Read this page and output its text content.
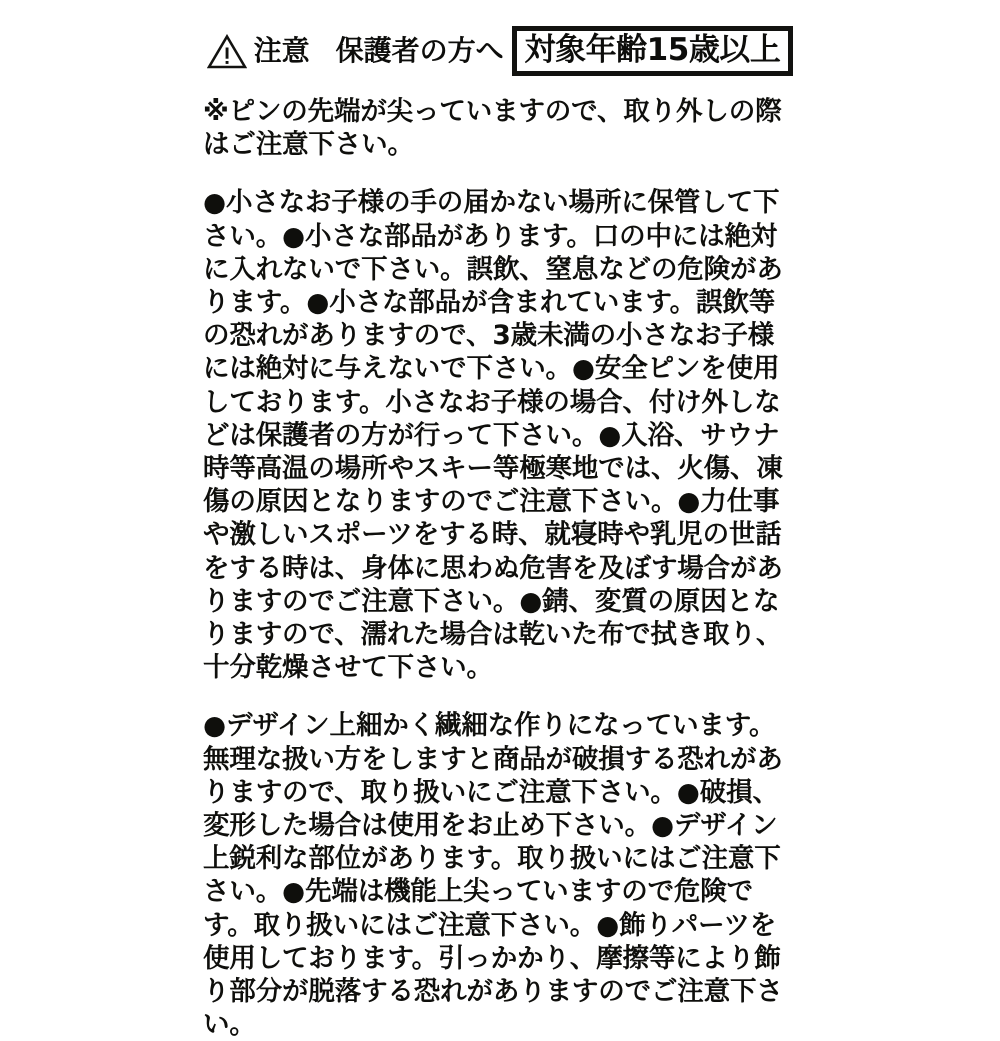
注意 保護者の方へ 対象年齢15歳以上

※ピンの先端が尖っていますので、取り外しの際はご注意下さい。

●小さなお子様の手の届かない場所に保管して下さい。●小さな部品があります。口の中には絶対に入れないで下さい。誤飲、窒息などの危険があります。●小さな部品が含まれています。誤飲等の恐れがありますので、3歳未満の小さなお子様には絶対に与えないで下さい。●安全ピンを使用しております。小さなお子様の場合、付け外しなどは保護者の方が行って下さい。●入浴、サウナ時等高温の場所やスキー等極寒地では、火傷、凍傷の原因となりますのでご注意下さい。●力仕事や激しいスポーツをする時、就寝時や乳児の世話をする時は、身体に思わぬ危害を及ぼす場合がありますのでご注意下さい。●錆、変質の原因となりますので、濡れた場合は乾いた布で拭き取り、十分乾燥させて下さい。

●デザイン上細かく繊細な作りになっています。無理な扱い方をしますと商品が破損する恐れがありますので、取り扱いにご注意下さい。●破損、変形した場合は使用をお止め下さい。●デザイン上鋭利な部位があります。取り扱いにはご注意下さい。●先端は機能上尖っていますので危険です。取り扱いにはご注意下さい。●飾りパーツを使用しております。引っかかり、摩擦等により飾り部分が脱落する恐れがありますのでご注意下さい。
